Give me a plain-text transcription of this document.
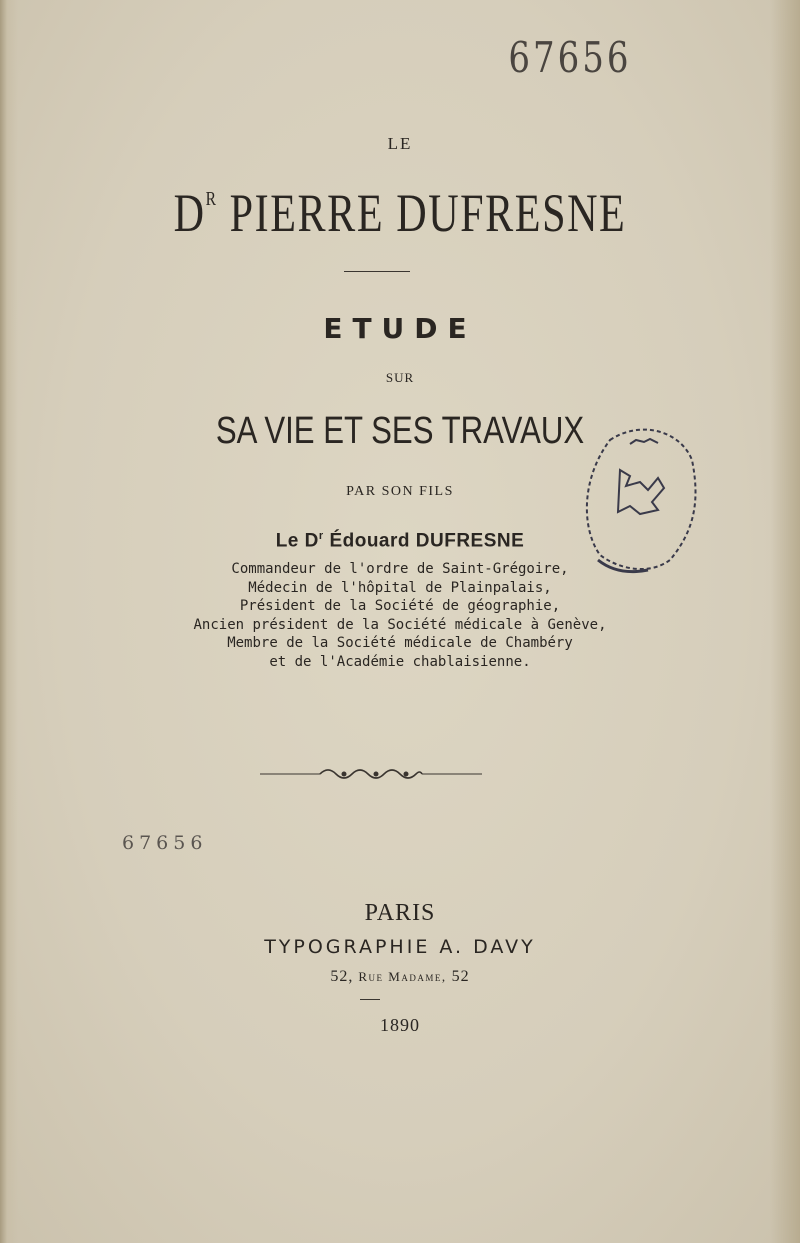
67656
LE
$D^R$ PIERRE DUFRESNE
ETUDE
SUR
SA VIE ET SES TRAVAUX
PAR SON FILS
Le $D^r$ Édouard DUFRESNE
Commandeur de l'ordre de Saint-Grégoire,
Médecin de l'hôpital de Plainpalais,
Président de la Société de géographie,
Ancien président de la Société médicale à Genève,
Membre de la Société médicale de Chambéry
et de l'Académie chablaisienne.
67656
PARIS
TYPOGRAPHIE A. DAVY
52, Rue Madame, 52
1890
